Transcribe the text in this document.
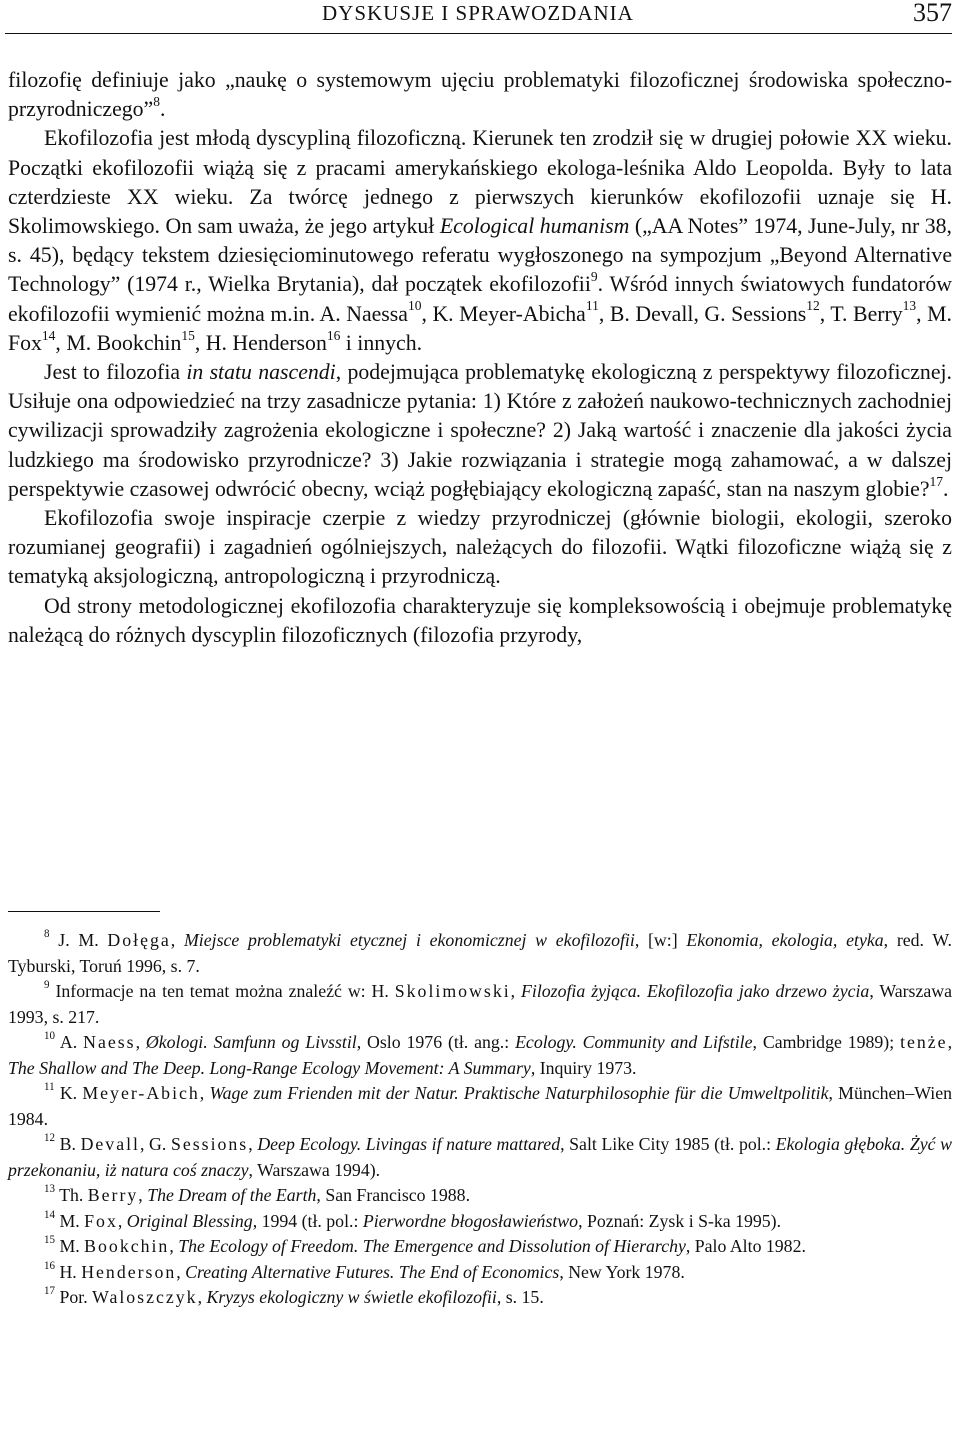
DYSKUSJE I SPRAWOZDANIA	357

filozofię definiuje jako „naukę o systemowym ujęciu problematyki filozoficznej środowiska społeczno-przyrodniczego”$^8$.

Ekofilozofia jest młodą dyscypliną filozoficzną. Kierunek ten zrodził się w drugiej połowie XX wieku. Początki ekofilozofii wiążą się z pracami amerykańskiego ekologa-leśnika Aldo Leopolda. Były to lata czterdzieste XX wieku. Za twórcę jednego z pierwszych kierunków ekofilozofii uznaje się H. Skolimowskiego. On sam uważa, że jego artykuł Ecological humanism („AA Notes” 1974, June-July, nr 38, s. 45), będący tekstem dziesięciominutowego referatu wygłoszonego na sympozjum „Beyond Alternative Technology” (1974 r., Wielka Brytania), dał początek ekofilozofii$^9$. Wśród innych światowych fundatorów ekofilozofii wymienić można m.in. A. Naessa$^{10}$, K. Meyer-Abicha$^{11}$, B. Devall, G. Sessions$^{12}$, T. Berry$^{13}$, M. Fox$^{14}$, M. Bookchin$^{15}$, H. Henderson$^{16}$ i innych.

Jest to filozofia in statu nascendi, podejmująca problematykę ekologiczną z perspektywy filozoficznej. Usiłuje ona odpowiedzieć na trzy zasadnicze pytania: 1) Które z założeń naukowo-technicznych zachodniej cywilizacji sprowadziły zagrożenia ekologiczne i społeczne? 2) Jaką wartość i znaczenie dla jakości życia ludzkiego ma środowisko przyrodnicze? 3) Jakie rozwiązania i strategie mogą zahamować, a w dalszej perspektywie czasowej odwrócić obecny, wciąż pogłębiający ekologiczną zapaść, stan na naszym globie?$^{17}$.

Ekofilozofia swoje inspiracje czerpie z wiedzy przyrodniczej (głównie biologii, ekologii, szeroko rozumianej geografii) i zagadnień ogólniejszych, należących do filozofii. Wątki filozoficzne wiążą się z tematyką aksjologiczną, antropologiczną i przyrodniczą.

Od strony metodologicznej ekofilozofia charakteryzuje się kompleksowością i obejmuje problematykę należącą do różnych dyscyplin filozoficznych (filozofia przyrody,

$^8$ J. M. Dołęga, Miejsce problematyki etycznej i ekonomicznej w ekofilozofii, [w:] Ekonomia, ekologia, etyka, red. W. Tyburski, Toruń 1996, s. 7.

$^9$ Informacje na ten temat można znaleźć w: H. Skolimowski, Filozofia żyjąca. Ekofilozofia jako drzewo życia, Warszawa 1993, s. 217.

$^{10}$ A. Naess, Økologi. Samfunn og Livsstil, Oslo 1976 (tł. ang.: Ecology. Community and Lifstile, Cambridge 1989); tenże, The Shallow and The Deep. Long-Range Ecology Movement: A Summary, Inquiry 1973.

$^{11}$ K. Meyer-Abich, Wage zum Frienden mit der Natur. Praktische Naturphilosophie für die Umweltpolitik, München–Wien 1984.

$^{12}$ B. Devall, G. Sessions, Deep Ecology. Livingas if nature mattared, Salt Like City 1985 (tł. pol.: Ekologia głęboka. Żyć w przekonaniu, iż natura coś znaczy, Warszawa 1994).

$^{13}$ Th. Berry, The Dream of the Earth, San Francisco 1988.

$^{14}$ M. Fox, Original Blessing, 1994 (tł. pol.: Pierwordne błogosławieństwo, Poznań: Zysk i S-ka 1995).

$^{15}$ M. Bookchin, The Ecology of Freedom. The Emergence and Dissolution of Hierarchy, Palo Alto 1982.

$^{16}$ H. Henderson, Creating Alternative Futures. The End of Economics, New York 1978.

$^{17}$ Por. Waloszczyk, Kryzys ekologiczny w świetle ekofilozofii, s. 15.
